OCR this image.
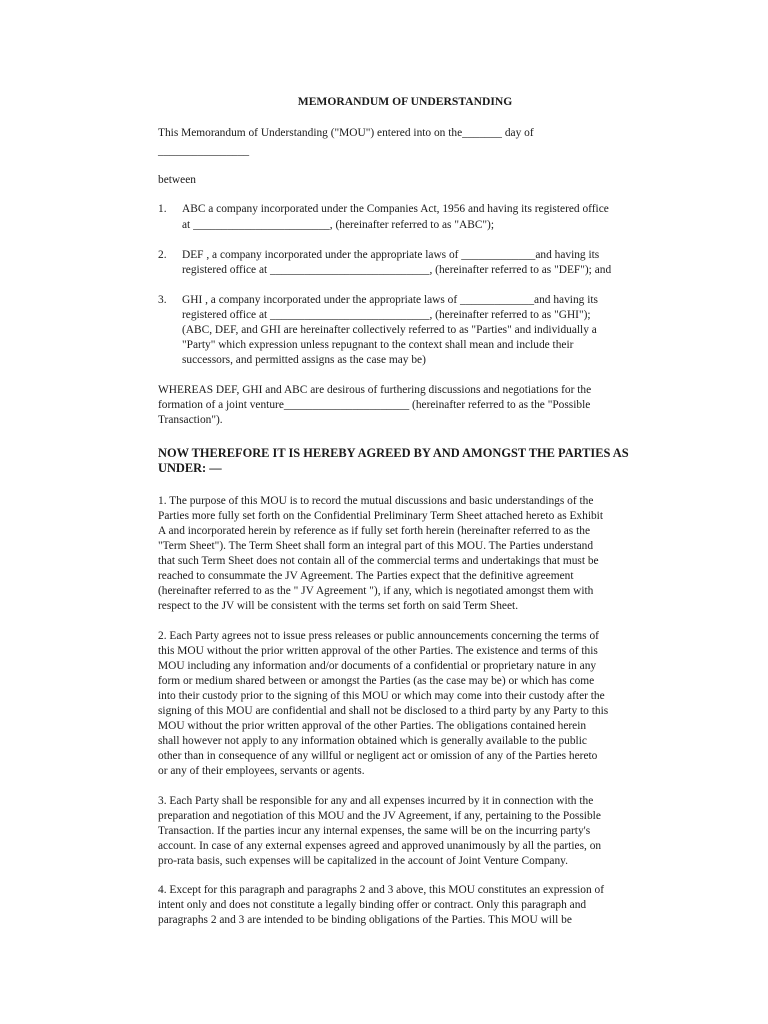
MEMORANDUM OF UNDERSTANDING
This Memorandum of Understanding ("MOU") entered into on the_______ day of
________________
between
1. ABC a company incorporated under the Companies Act, 1956 and having its registered office
at ________________________, (hereinafter referred to as "ABC");
2. DEF , a company incorporated under the appropriate laws of _____________and having its
registered office at ____________________________, (hereinafter referred to as "DEF"); and
3. GHI , a company incorporated under the appropriate laws of _____________and having its
registered office at ____________________________, (hereinafter referred to as "GHI");
(ABC, DEF, and GHI are hereinafter collectively referred to as "Parties" and individually a
"Party" which expression unless repugnant to the context shall mean and include their
successors, and permitted assigns as the case may be)
WHEREAS DEF, GHI and ABC are desirous of furthering discussions and negotiations for the
formation of a joint venture______________________ (hereinafter referred to as the "Possible
Transaction").
NOW THEREFORE IT IS HEREBY AGREED BY AND AMONGST THE PARTIES AS
UNDER: —
1. The purpose of this MOU is to record the mutual discussions and basic understandings of the
Parties more fully set forth on the Confidential Preliminary Term Sheet attached hereto as Exhibit
A and incorporated herein by reference as if fully set forth herein (hereinafter referred to as the
"Term Sheet"). The Term Sheet shall form an integral part of this MOU. The Parties understand
that such Term Sheet does not contain all of the commercial terms and undertakings that must be
reached to consummate the JV Agreement. The Parties expect that the definitive agreement
(hereinafter referred to as the " JV Agreement "), if any, which is negotiated amongst them with
respect to the JV will be consistent with the terms set forth on said Term Sheet.
2. Each Party agrees not to issue press releases or public announcements concerning the terms of
this MOU without the prior written approval of the other Parties. The existence and terms of this
MOU including any information and/or documents of a confidential or proprietary nature in any
form or medium shared between or amongst the Parties (as the case may be) or which has come
into their custody prior to the signing of this MOU or which may come into their custody after the
signing of this MOU are confidential and shall not be disclosed to a third party by any Party to this
MOU without the prior written approval of the other Parties. The obligations contained herein
shall however not apply to any information obtained which is generally available to the public
other than in consequence of any willful or negligent act or omission of any of the Parties hereto
or any of their employees, servants or agents.
3. Each Party shall be responsible for any and all expenses incurred by it in connection with the
preparation and negotiation of this MOU and the JV Agreement, if any, pertaining to the Possible
Transaction. If the parties incur any internal expenses, the same will be on the incurring party's
account. In case of any external expenses agreed and approved unanimously by all the parties, on
pro-rata basis, such expenses will be capitalized in the account of Joint Venture Company.
4. Except for this paragraph and paragraphs 2 and 3 above, this MOU constitutes an expression of
intent only and does not constitute a legally binding offer or contract. Only this paragraph and
paragraphs 2 and 3 are intended to be binding obligations of the Parties. This MOU will be
